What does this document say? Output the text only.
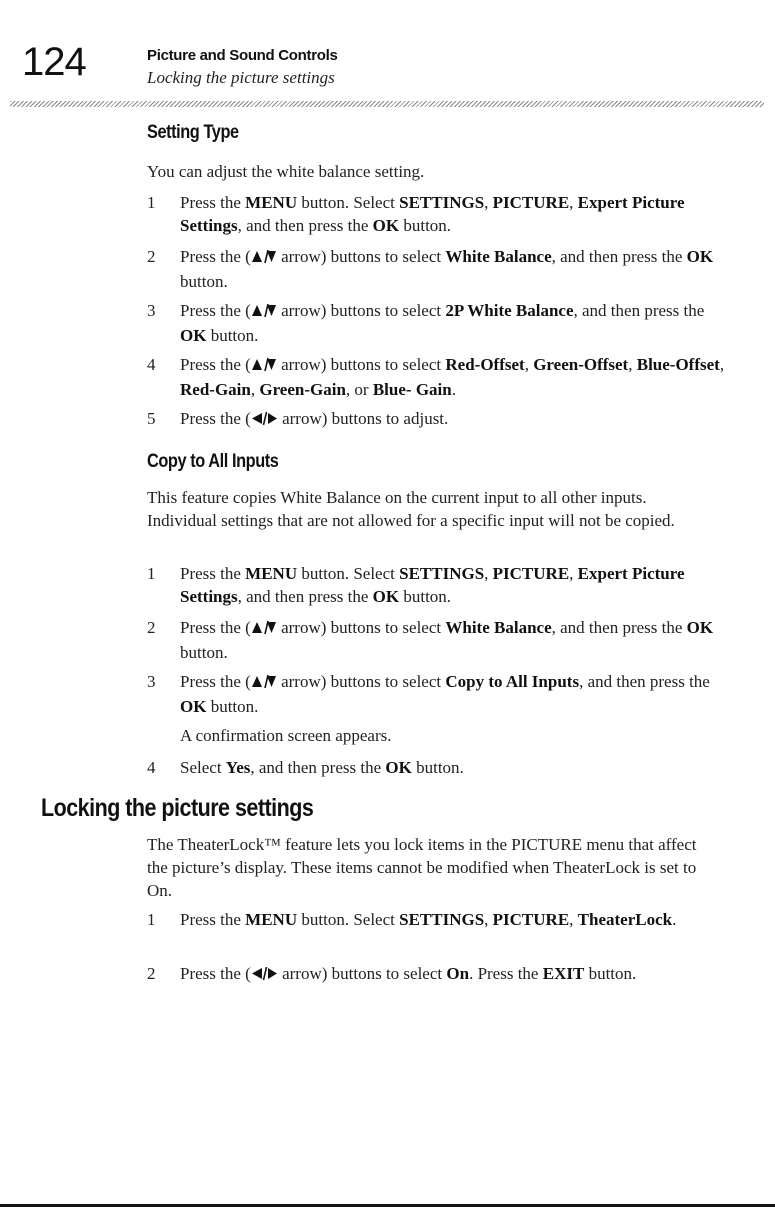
124	Picture and Sound Controls
Locking the picture settings
Setting Type
You can adjust the white balance setting.
1	Press the MENU button. Select SETTINGS, PICTURE, Expert Picture Settings, and then press the OK button.
2	Press the ( arrow) buttons to select White Balance, and then press the OK button.
3	Press the ( arrow) buttons to select 2P White Balance, and then press the OK button.
4	Press the ( arrow) buttons to select Red-Offset, Green-Offset, Blue-Offset, Red-Gain, Green-Gain, or Blue- Gain.
5	Press the ( arrow) buttons to adjust.
Copy to All Inputs
This feature copies White Balance on the current input to all other inputs. Individual settings that are not allowed for a specific input will not be copied.
1	Press the MENU button. Select SETTINGS, PICTURE, Expert Picture Settings, and then press the OK button.
2	Press the ( arrow) buttons to select White Balance, and then press the OK button.
3	Press the ( arrow) buttons to select Copy to All Inputs, and then press the OK button.
A confirmation screen appears.
4	Select Yes, and then press the OK button.
Locking the picture settings
The TheaterLock™ feature lets you lock items in the PICTURE menu that affect the picture’s display. These items cannot be modified when TheaterLock is set to On.
1	Press the MENU button. Select SETTINGS, PICTURE, TheaterLock.
2	Press the ( arrow) buttons to select On. Press the EXIT button.
